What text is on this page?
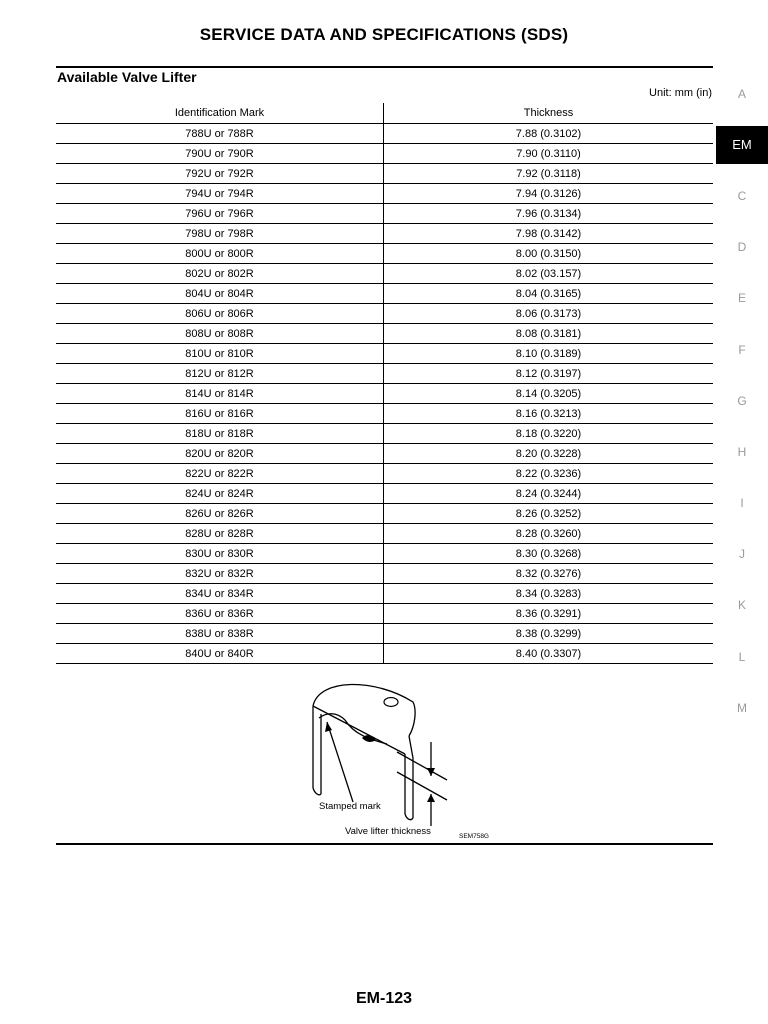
SERVICE DATA AND SPECIFICATIONS (SDS)
Available Valve Lifter
Unit: mm (in)
Identification Mark	Thickness
788U or 788R	7.88 (0.3102)
790U or 790R	7.90 (0.3110)
792U or 792R	7.92 (0.3118)
794U or 794R	7.94 (0.3126)
796U or 796R	7.96 (0.3134)
798U or 798R	7.98 (0.3142)
800U or 800R	8.00 (0.3150)
802U or 802R	8.02 (03.157)
804U or 804R	8.04 (0.3165)
806U or 806R	8.06 (0.3173)
808U or 808R	8.08 (0.3181)
810U or 810R	8.10 (0.3189)
812U or 812R	8.12 (0.3197)
814U or 814R	8.14 (0.3205)
816U or 816R	8.16 (0.3213)
818U or 818R	8.18 (0.3220)
820U or 820R	8.20 (0.3228)
822U or 822R	8.22 (0.3236)
824U or 824R	8.24 (0.3244)
826U or 826R	8.26 (0.3252)
828U or 828R	8.28 (0.3260)
830U or 830R	8.30 (0.3268)
832U or 832R	8.32 (0.3276)
834U or 834R	8.34 (0.3283)
836U or 836R	8.36 (0.3291)
838U or 838R	8.38 (0.3299)
840U or 840R	8.40 (0.3307)
Stamped mark
Valve lifter thickness	SEM758G
EM-123
A
EM
C
D
E
F
G
H
I
J
K
L
M
